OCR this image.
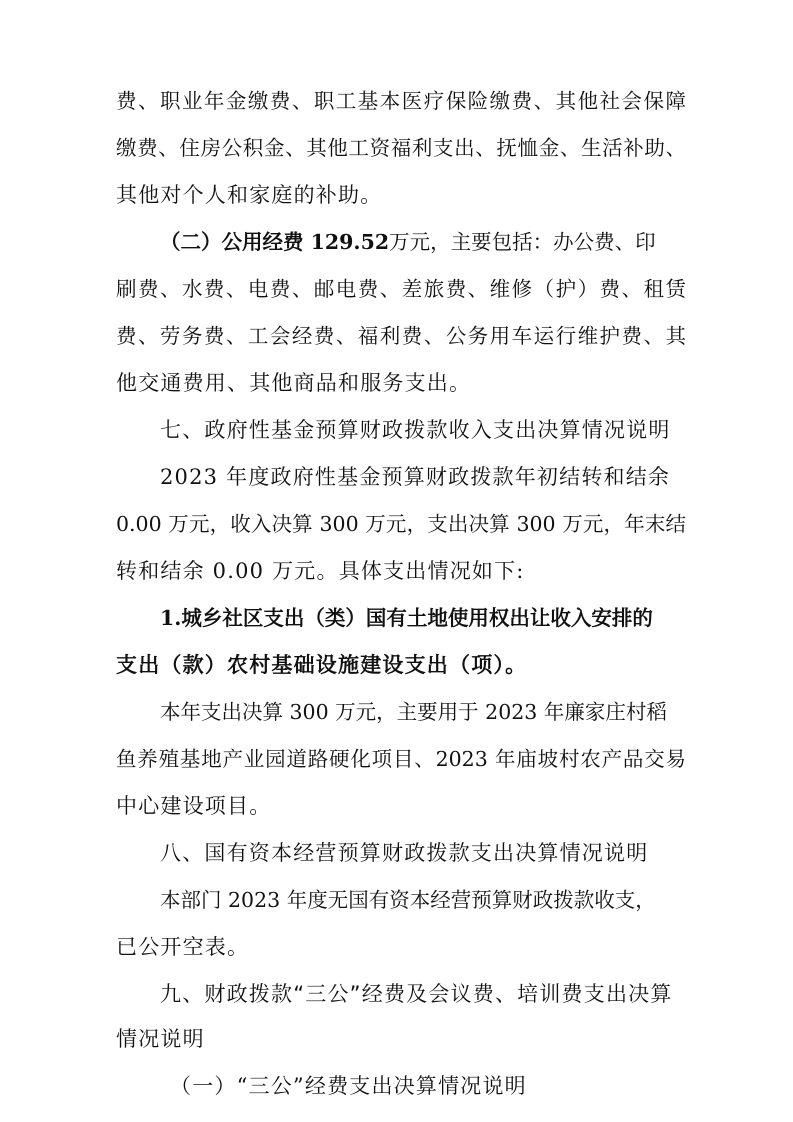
费、职业年金缴费、职工基本医疗保险缴费、其他社会保障
缴费、住房公积金、其他工资福利支出、抚恤金、生活补助、
其他对个人和家庭的补助。
（二）公用经费 129.52万元，主要包括：办公费、印
刷费、水费、电费、邮电费、差旅费、维修（护）费、租赁
费、劳务费、工会经费、福利费、公务用车运行维护费、其
他交通费用、其他商品和服务支出。
七、政府性基金预算财政拨款收入支出决算情况说明
2023 年度政府性基金预算财政拨款年初结转和结余
0.00 万元，收入决算 300 万元，支出决算 300 万元，年末结
转和结余 0.00 万元。具体支出情况如下:
1.城乡社区支出（类）国有土地使用权出让收入安排的
支出（款）农村基础设施建设支出（项）。
本年支出决算 300 万元，主要用于 2023 年廉家庄村稻
鱼养殖基地产业园道路硬化项目、2023 年庙坡村农产品交易
中心建设项目。
八、国有资本经营预算财政拨款支出决算情况说明
本部门 2023 年度无国有资本经营预算财政拨款收支，
已公开空表。
九、财政拨款“三公”经费及会议费、培训费支出决算
情况说明
（一）“三公”经费支出决算情况说明
